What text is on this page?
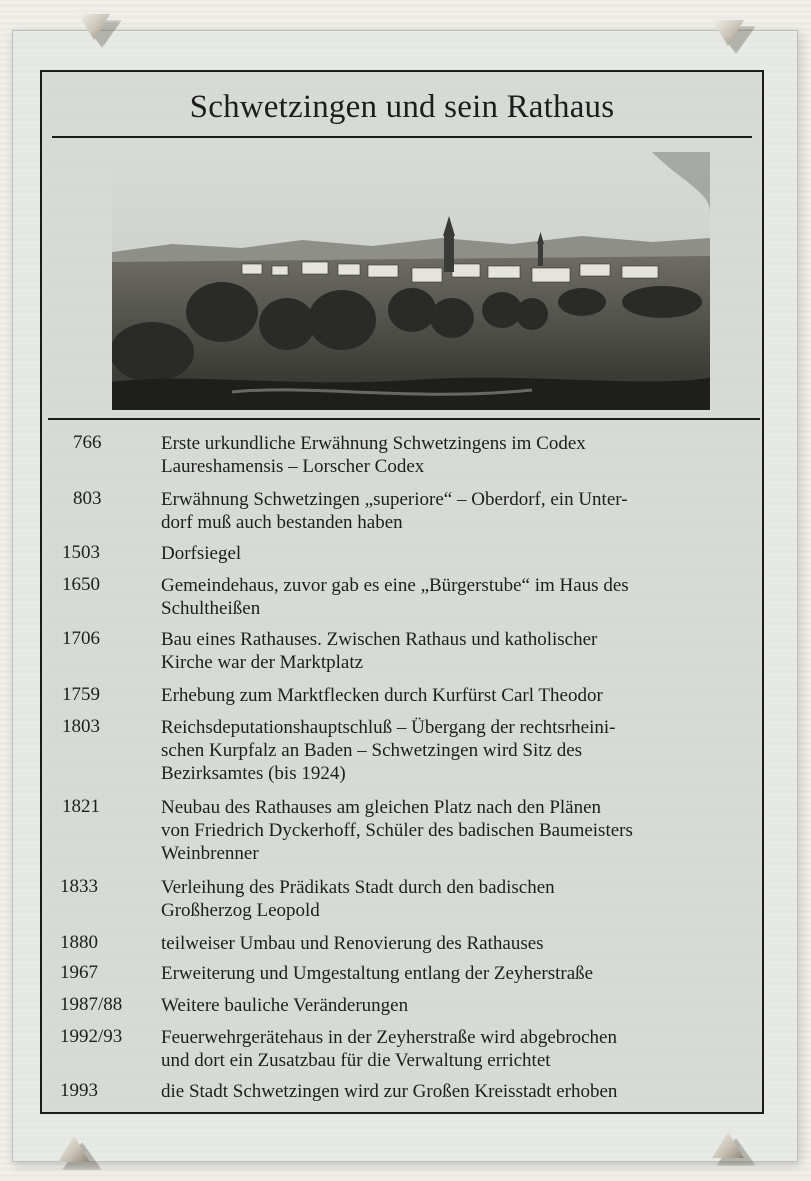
Schwetzingen und sein Rathaus
766	Erste urkundliche Erwähnung Schwetzingens im Codex
Laureshamensis – Lorscher Codex
803	Erwähnung Schwetzingen „superiore“ – Oberdorf, ein Unter-
dorf muß auch bestanden haben
1503	Dorfsiegel
1650	Gemeindehaus, zuvor gab es eine „Bürgerstube“ im Haus des
Schultheißen
1706	Bau eines Rathauses. Zwischen Rathaus und katholischer
Kirche war der Marktplatz
1759	Erhebung zum Marktflecken durch Kurfürst Carl Theodor
1803	Reichsdeputationshauptschluß – Übergang der rechtsrheini-
schen Kurpfalz an Baden – Schwetzingen wird Sitz des
Bezirksamtes (bis 1924)
1821	Neubau des Rathauses am gleichen Platz nach den Plänen
von Friedrich Dyckerhoff, Schüler des badischen Baumeisters
Weinbrenner
1833	Verleihung des Prädikats Stadt durch den badischen
Großherzog Leopold
1880	teilweiser Umbau und Renovierung des Rathauses
1967	Erweiterung und Umgestaltung entlang der Zeyherstraße
1987/88	Weitere bauliche Veränderungen
1992/93	Feuerwehrgerätehaus in der Zeyherstraße wird abgebrochen
und dort ein Zusatzbau für die Verwaltung errichtet
1993	die Stadt Schwetzingen wird zur Großen Kreisstadt erhoben
